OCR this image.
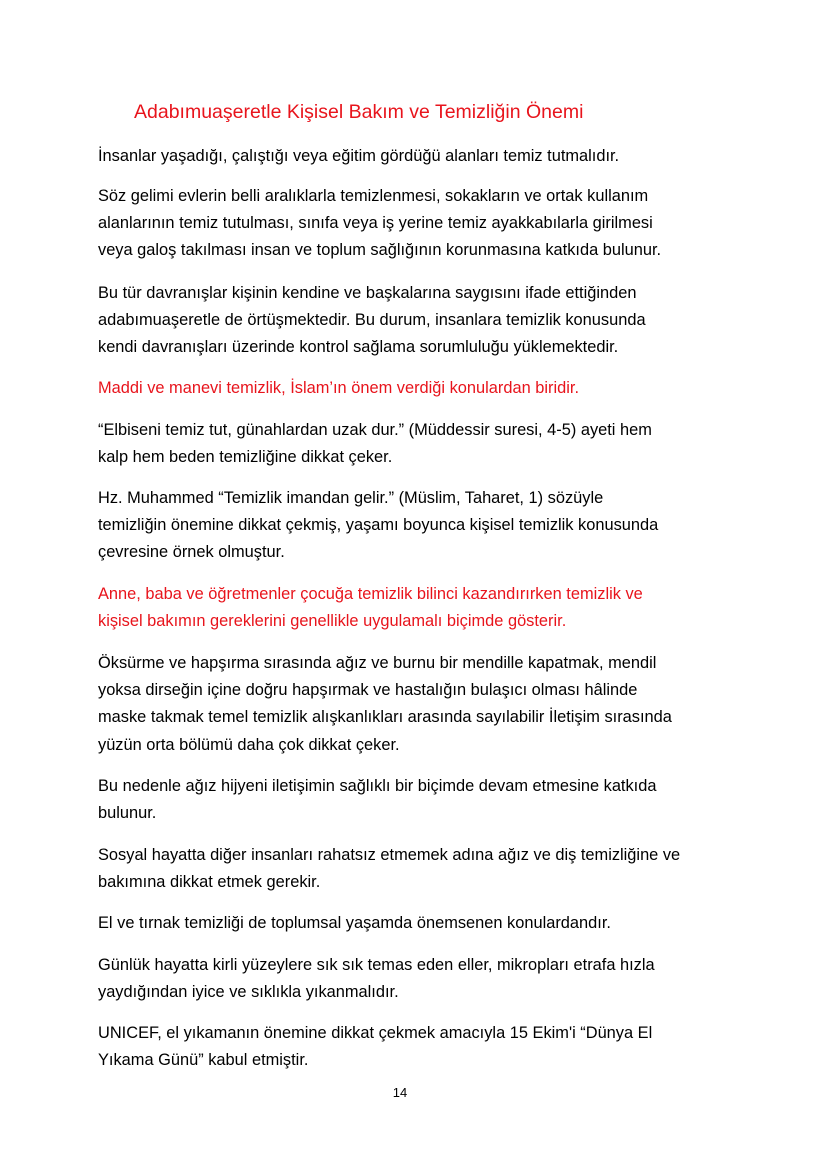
Adabımuaşeretle Kişisel Bakım ve Temizliğin Önemi

İnsanlar yaşadığı, çalıştığı veya eğitim gördüğü alanları temiz tutmalıdır.

Söz gelimi evlerin belli aralıklarla temizlenmesi, sokakların ve ortak kullanım
alanlarının temiz tutulması, sınıfa veya iş yerine temiz ayakkabılarla girilmesi
veya galoş takılması insan ve toplum sağlığının korunmasına katkıda bulunur.

Bu tür davranışlar kişinin kendine ve başkalarına saygısını ifade ettiğinden
adabımuaşeretle de örtüşmektedir. Bu durum, insanlara temizlik konusunda
kendi davranışları üzerinde kontrol sağlama sorumluluğu yüklemektedir.

Maddi ve manevi temizlik, İslam’ın önem verdiği konulardan biridir.

“Elbiseni temiz tut, günahlardan uzak dur.” (Müddessir suresi, 4-5) ayeti hem
kalp hem beden temizliğine dikkat çeker.

Hz. Muhammed “Temizlik imandan gelir.” (Müslim, Taharet, 1) sözüyle
temizliğin önemine dikkat çekmiş, yaşamı boyunca kişisel temizlik konusunda
çevresine örnek olmuştur.

Anne, baba ve öğretmenler çocuğa temizlik bilinci kazandırırken temizlik ve
kişisel bakımın gereklerini genellikle uygulamalı biçimde gösterir.

Öksürme ve hapşırma sırasında ağız ve burnu bir mendille kapatmak, mendil
yoksa dirseğin içine doğru hapşırmak ve hastalığın bulaşıcı olması hâlinde
maske takmak temel temizlik alışkanlıkları arasında sayılabilir İletişim sırasında
yüzün orta bölümü daha çok dikkat çeker.

Bu nedenle ağız hijyeni iletişimin sağlıklı bir biçimde devam etmesine katkıda
bulunur.

Sosyal hayatta diğer insanları rahatsız etmemek adına ağız ve diş temizliğine ve
bakımına dikkat etmek gerekir.

El ve tırnak temizliği de toplumsal yaşamda önemsenen konulardandır.

Günlük hayatta kirli yüzeylere sık sık temas eden eller, mikropları etrafa hızla
yaydığından iyice ve sıklıkla yıkanmalıdır.

UNICEF, el yıkamanın önemine dikkat çekmek amacıyla 15 Ekim'i “Dünya El
Yıkama Günü” kabul etmiştir.

14
